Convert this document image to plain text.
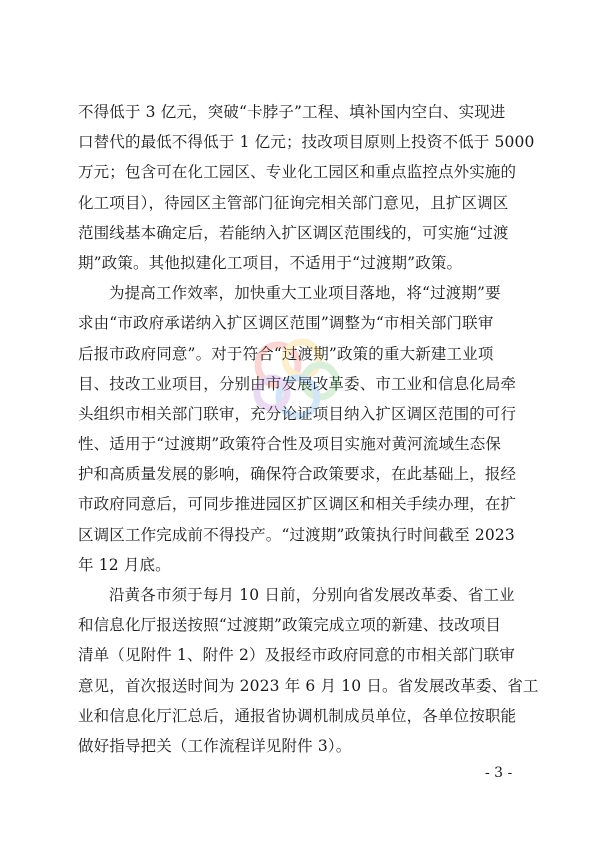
不得低于 3 亿元，突破“卡脖子”工程、填补国内空白、实现进
口替代的最低不得低于 1 亿元；技改项目原则上投资不低于 5000
万元；包含可在化工园区、专业化工园区和重点监控点外实施的
化工项目），待园区主管部门征询完相关部门意见，且扩区调区
范围线基本确定后，若能纳入扩区调区范围线的，可实施“过渡
期”政策。其他拟建化工项目，不适用于“过渡期”政策。
为提高工作效率，加快重大工业项目落地，将“过渡期”要
求由“市政府承诺纳入扩区调区范围”调整为“市相关部门联审
后报市政府同意”。对于符合“过渡期”政策的重大新建工业项
目、技改工业项目，分别由市发展改革委、市工业和信息化局牵
头组织市相关部门联审，充分论证项目纳入扩区调区范围的可行
性、适用于“过渡期”政策符合性及项目实施对黄河流域生态保
护和高质量发展的影响，确保符合政策要求，在此基础上，报经
市政府同意后，可同步推进园区扩区调区和相关手续办理，在扩
区调区工作完成前不得投产。“过渡期”政策执行时间截至 2023
年 12 月底。
沿黄各市须于每月 10 日前，分别向省发展改革委、省工业
和信息化厅报送按照“过渡期”政策完成立项的新建、技改项目
清单（见附件 1、附件 2）及报经市政府同意的市相关部门联审
意见，首次报送时间为 2023 年 6 月 10 日。省发展改革委、省工
业和信息化厅汇总后，通报省协调机制成员单位，各单位按职能
做好指导把关（工作流程详见附件 3）。
- 3 -
